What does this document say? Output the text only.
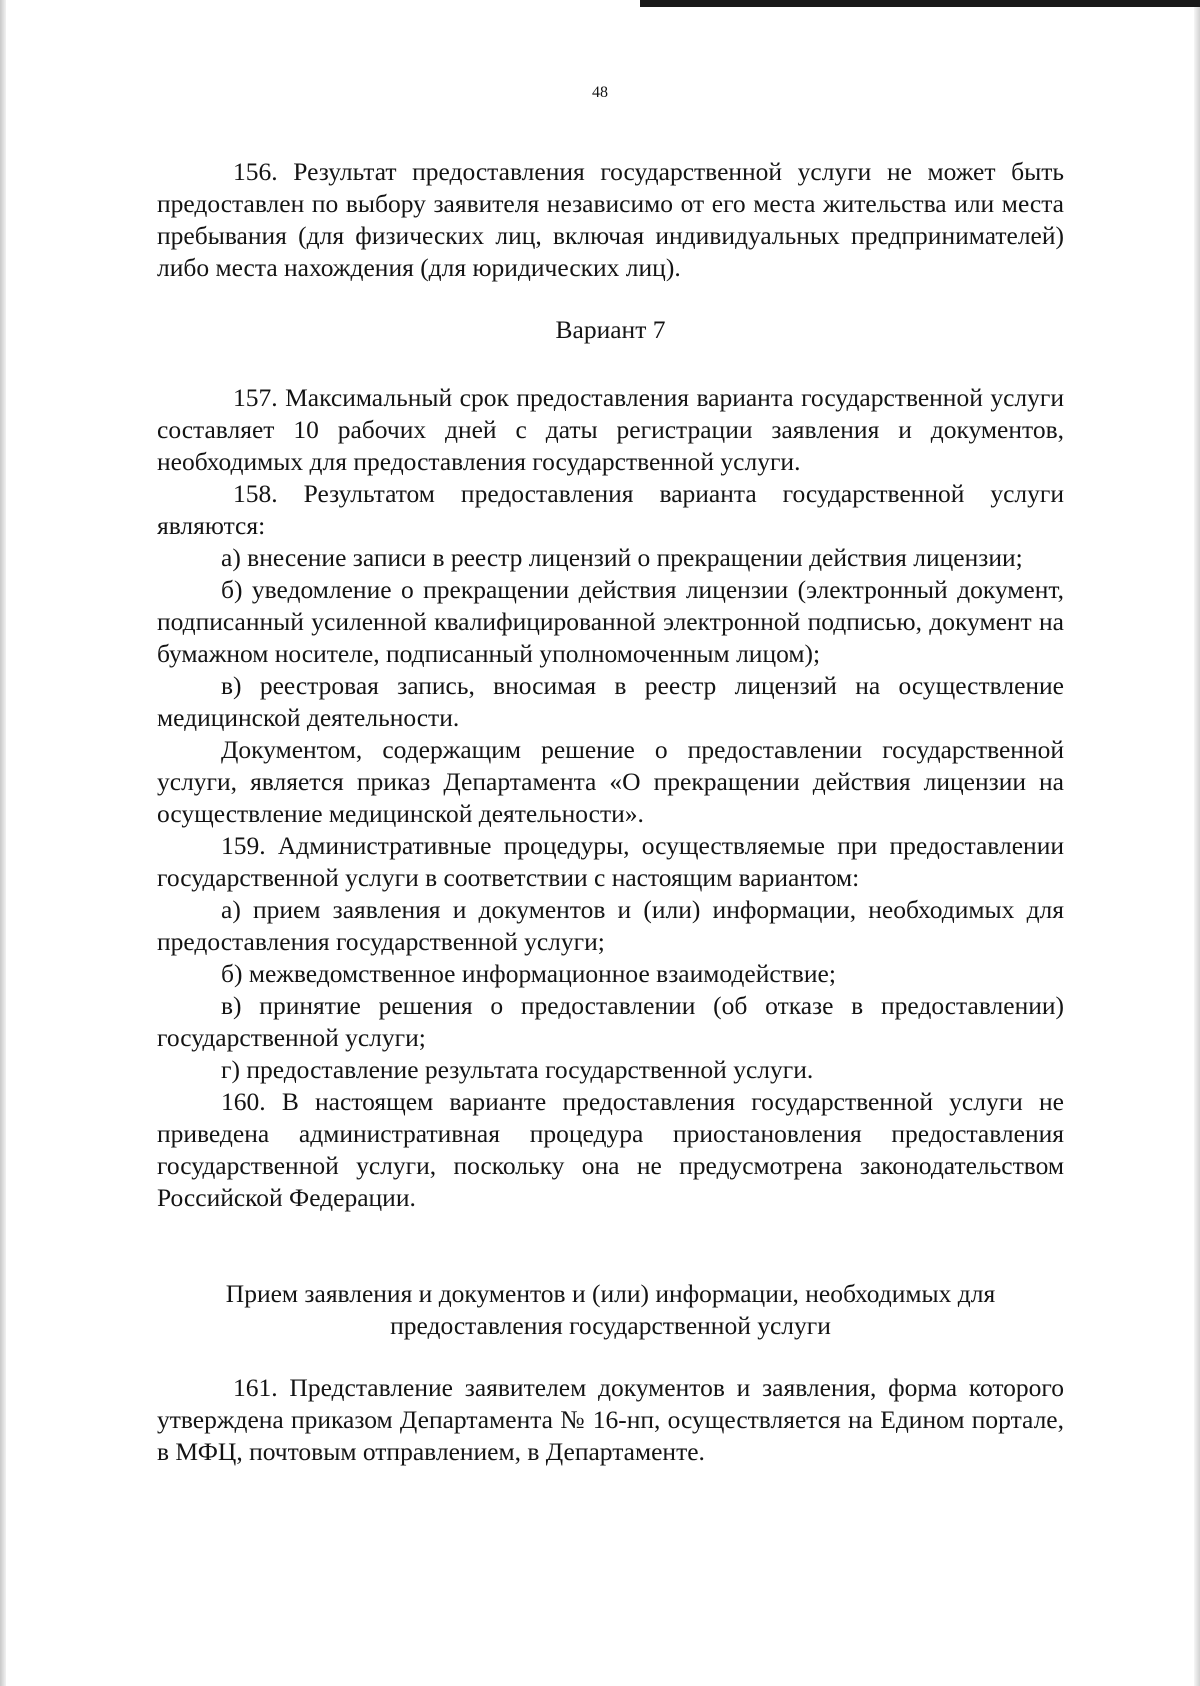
48

156. Результат предоставления государственной услуги не может быть предоставлен по выбору заявителя независимо от его места жительства или места пребывания (для физических лиц, включая индивидуальных предпринимателей) либо места нахождения (для юридических лиц).

Вариант 7

157. Максимальный срок предоставления варианта государственной услуги составляет 10 рабочих дней с даты регистрации заявления и документов, необходимых для предоставления государственной услуги.

158. Результатом предоставления варианта государственной услуги являются:

а) внесение записи в реестр лицензий о прекращении действия лицензии;

б) уведомление о прекращении действия лицензии (электронный документ, подписанный усиленной квалифицированной электронной подписью, документ на бумажном носителе, подписанный уполномоченным лицом);

в) реестровая запись, вносимая в реестр лицензий на осуществление медицинской деятельности.

Документом, содержащим решение о предоставлении государственной услуги, является приказ Департамента «О прекращении действия лицензии на осуществление медицинской деятельности».

159. Административные процедуры, осуществляемые при предоставлении государственной услуги в соответствии с настоящим вариантом:

а) прием заявления и документов и (или) информации, необходимых для предоставления государственной услуги;

б) межведомственное информационное взаимодействие;

в) принятие решения о предоставлении (об отказе в предоставлении) государственной услуги;

г) предоставление результата государственной услуги.

160. В настоящем варианте предоставления государственной услуги не приведена административная процедура приостановления предоставления государственной услуги, поскольку она не предусмотрена законодательством Российской Федерации.

Прием заявления и документов и (или) информации, необходимых для предоставления государственной услуги

161. Представление заявителем документов и заявления, форма которого утверждена приказом Департамента № 16-нп, осуществляется на Едином портале, в МФЦ, почтовым отправлением, в Департаменте.
